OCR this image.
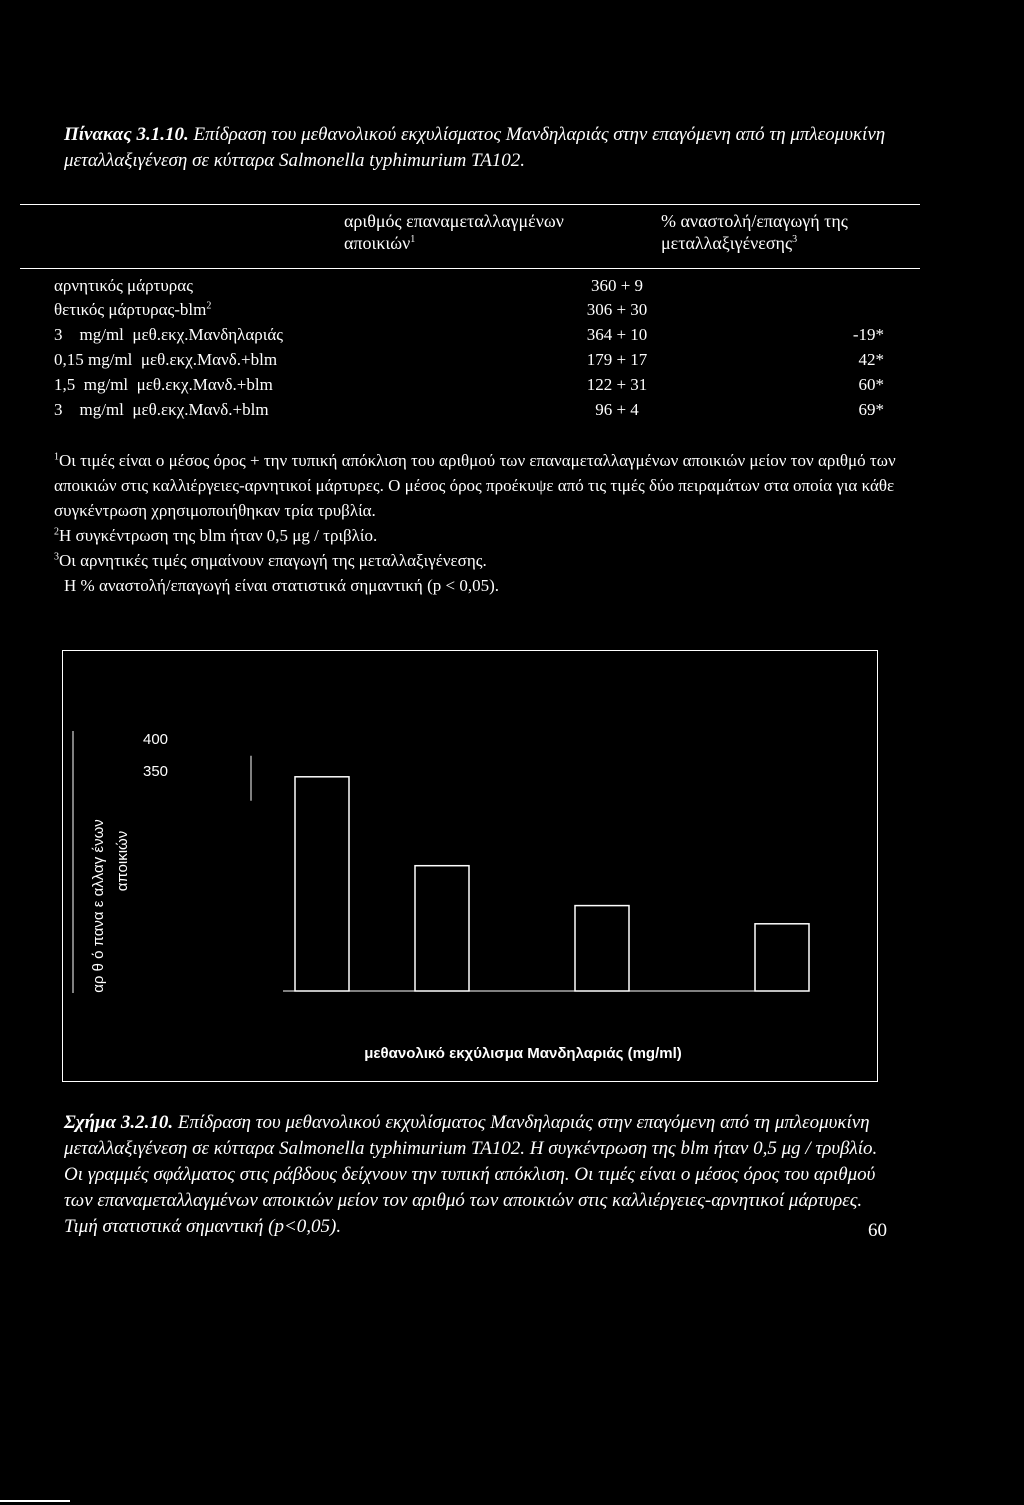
Πίνακας 3.1.10. Επίδραση του μεθανολικού εκχυλίσματος Μανδηλαριάς στην επαγόμενη από τη μπλεομυκίνη μεταλλαξιγένεση σε κύτταρα Salmonella typhimurium TA102.
αριθμός επαναμεταλλαγμένων αποικιών$^1$
% αναστολή/επαγωγή της μεταλλαξιγένεσης$^3$
αρνητικός μάρτυρας	360 + 9
θετικός μάρτυρας-blm$^2$	306 + 30
3    mg/ml  μεθ.εκχ.Μανδηλαριάς	364 + 10	-19*
0,15 mg/ml  μεθ.εκχ.Μανδ.+blm	179 + 17	42*
1,5  mg/ml  μεθ.εκχ.Μανδ.+blm	122 + 31	60*
3    mg/ml  μεθ.εκχ.Μανδ.+blm	96 + 4	69*

$^1$Οι τιμές είναι ο μέσος όρος + την τυπική απόκλιση του αριθμού των επαναμεταλλαγμένων αποικιών μείον τον αριθμό των αποικιών στις καλλιέργειες-αρνητικοί μάρτυρες. Ο μέσος όρος προέκυψε από τις τιμές δύο πειραμάτων στα οποία για κάθε συγκέντρωση χρησιμοποιήθηκαν τρία τρυβλία.

$^2$Η συγκέντρωση της blm ήταν 0,5 μg / τριβλίο.

$^3$Οι αρνητικές τιμές σημαίνουν επαγωγή της μεταλλαξιγένεσης.

Η % αναστολή/επαγωγή είναι στατιστικά σημαντική (p < 0,05).

αρ θ ό πανα ε αλλαγ ένων αποικιών
400
350
μεθανολικό εκχύλισμα Μανδηλαριάς (mg/ml)
Σχήμα 3.2.10. Επίδραση του μεθανολικού εκχυλίσματος Μανδηλαριάς στην επαγόμενη από τη μπλεομυκίνη μεταλλαξιγένεση σε κύτταρα Salmonella typhimurium TA102. Η συγκέντρωση της blm ήταν 0,5 μg / τρυβλίο. Οι γραμμές σφάλματος στις ράβδους δείχνουν την τυπική απόκλιση. Οι τιμές είναι ο μέσος όρος του αριθμού των επαναμεταλλαγμένων αποικιών μείον τον αριθμό των αποικιών στις καλλιέργειες-αρνητικοί μάρτυρες. Τιμή στατιστικά σημαντική (p<0,05).	60
